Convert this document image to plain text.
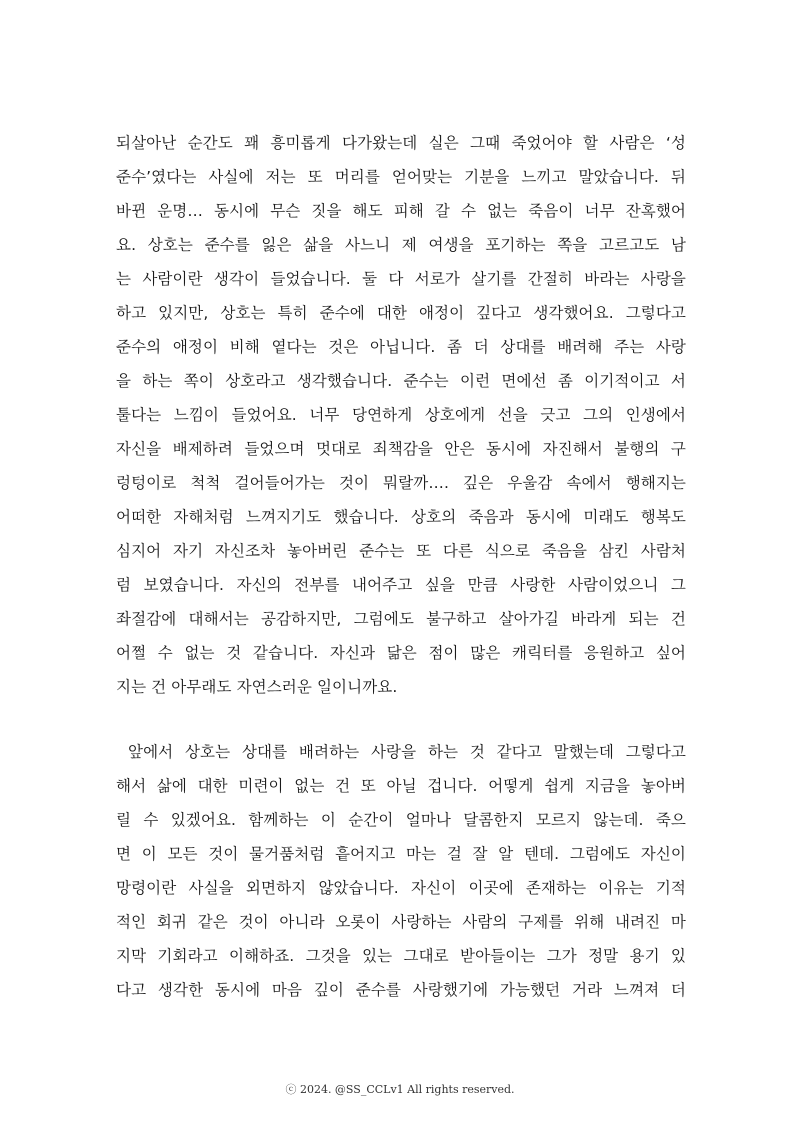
되살아난 순간도 꽤 흥미롭게 다가왔는데 실은 그때 죽었어야 할 사람은 ‘성
준수’였다는 사실에 저는 또 머리를 얻어맞는 기분을 느끼고 말았습니다. 뒤
바뀐 운명… 동시에 무슨 짓을 해도 피해 갈 수 없는 죽음이 너무 잔혹했어
요. 상호는 준수를 잃은 삶을 사느니 제 여생을 포기하는 쪽을 고르고도 남
는 사람이란 생각이 들었습니다. 둘 다 서로가 살기를 간절히 바라는 사랑을
하고 있지만, 상호는 특히 준수에 대한 애정이 깊다고 생각했어요. 그렇다고
준수의 애정이 비해 옅다는 것은 아닙니다. 좀 더 상대를 배려해 주는 사랑
을 하는 쪽이 상호라고 생각했습니다. 준수는 이런 면에선 좀 이기적이고 서
툴다는 느낌이 들었어요. 너무 당연하게 상호에게 선을 긋고 그의 인생에서
자신을 배제하려 들었으며 멋대로 죄책감을 안은 동시에 자진해서 불행의 구
렁텅이로 척척 걸어들어가는 것이 뭐랄까…. 깊은 우울감 속에서 행해지는
어떠한 자해처럼 느껴지기도 했습니다. 상호의 죽음과 동시에 미래도 행복도
심지어 자기 자신조차 놓아버린 준수는 또 다른 식으로 죽음을 삼킨 사람처
럼 보였습니다. 자신의 전부를 내어주고 싶을 만큼 사랑한 사람이었으니 그
좌절감에 대해서는 공감하지만, 그럼에도 불구하고 살아가길 바라게 되는 건
어쩔 수 없는 것 같습니다. 자신과 닮은 점이 많은 캐릭터를 응원하고 싶어
지는 건 아무래도 자연스러운 일이니까요.
앞에서 상호는 상대를 배려하는 사랑을 하는 것 같다고 말했는데 그렇다고
해서 삶에 대한 미련이 없는 건 또 아닐 겁니다. 어떻게 쉽게 지금을 놓아버
릴 수 있겠어요. 함께하는 이 순간이 얼마나 달콤한지 모르지 않는데. 죽으
면 이 모든 것이 물거품처럼 흩어지고 마는 걸 잘 알 텐데. 그럼에도 자신이
망령이란 사실을 외면하지 않았습니다. 자신이 이곳에 존재하는 이유는 기적
적인 회귀 같은 것이 아니라 오롯이 사랑하는 사람의 구제를 위해 내려진 마
지막 기회라고 이해하죠. 그것을 있는 그대로 받아들이는 그가 정말 용기 있
다고 생각한 동시에 마음 깊이 준수를 사랑했기에 가능했던 거라 느껴져 더
ⓒ 2024. @SS_CCLv1 All rights reserved.
